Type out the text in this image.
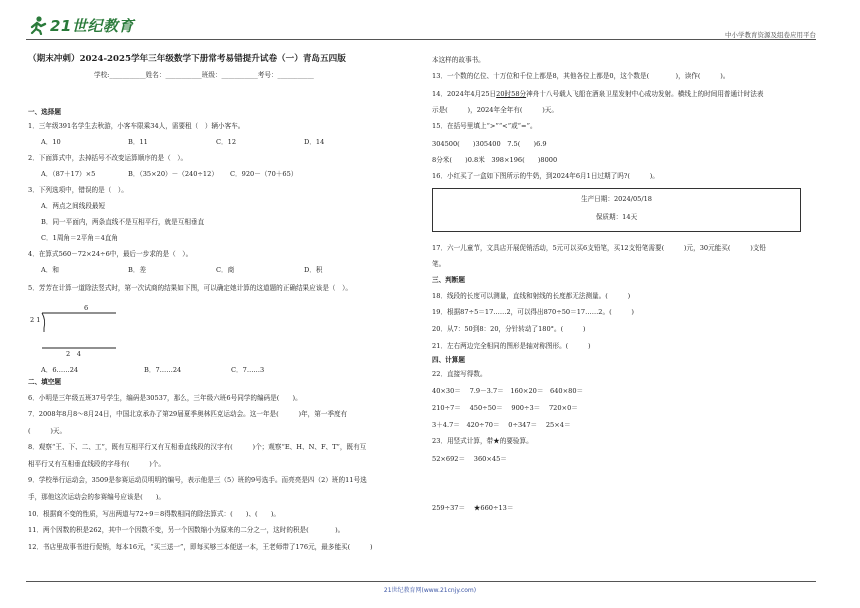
21世纪教育
中小学教育资源及组卷应用平台
（期末冲刺）2024-2025学年三年级数学下册常考易错提升试卷（一）青岛五四版
学校:___________姓名：___________班级：___________考号：___________
一、选择题
1．三年级391名学生去秋游，小客车限乘34人，需要租（　）辆小客车。
A．10	B．11	C．12	D．14
2．下面算式中，去掉括号不改变运算顺序的是（　）。
A．（87＋17）×5	B．（35×20）－（240÷12） C．920－（70＋65）
3．下列选项中，错误的是（　）。
A．两点之间线段最短
B．同一平面内，两条直线不是互相平行，就是互相垂直
C．1周角＝2平角＝4直角
4．在算式560－72×24÷6中，最后一步求的是（　）。
A．和	B．差	C．商	D．积
5．芳芳在计算一道除法竖式时，第一次试商的结果如下图，可以确定她计算的这道题的正确结果应该是（　）。
6
2 1
2　4
A．6……24	B．7……24	C．7……3
二、填空题
6．小明是三年级五班37号学生，编码是30537，那么，三年级六班6号同学的编码是(　　)。
7．2008年8月8～8月24日，中国北京承办了第29届夏季奥林匹克运动会。这一年是(　　　)年，第一季度有
(　　　)天。
8．观察“王、下、二、工”，既有互相平行又有互相垂直线段的汉字有(　　　)个；观察“E、H、N、F、T”，既有互
相平行又有互相垂直线段的字母有(　　　)个。
9．学校举行运动会，3509是参赛运动员明明的编号，表示他是三（5）班的9号选手。而亮亮是四（2）班的11号选
手，那他这次运动会的参赛编号应该是(　　)。
10．根据商不变的性质，写出两道与72÷9＝8得数相同的除法算式：(　　)、(　　)。
11．两个因数的积是262，其中一个因数不变，另一个因数缩小为原来的二分之一，这时的积是(　　　　)。
12．书店里故事书进行促销，每本16元，“买三送一”，即每买够三本便送一本，王老师带了176元，最多能买(　　　)
本这样的故事书。
13．一个数的亿位、十万位和千位上都是8，其他各位上都是0，这个数是(　　　　)，读作(　　　)。
14．2024年4月25日20时58分神舟十八号载人飞船在酒泉卫星发射中心成功发射。横线上的时间用普通计时法表
示是(　　　)，2024年全年有(　　　)天。
15．在括号里填上“>”“<”或“=”。
304500(　　)305400　7.5(　　)6.9
8分米(　　)0.8米　398×196(　　)8000
16．小红买了一盒如下图所示的牛奶，到2024年6月1日过期了吗?(　　　)。
生产日期：2024/05/18
保质期：14天
17．六一儿童节，文具店开展促销活动，5元可以买6支铅笔，买12支铅笔需要(　　　)元，30元能买(　　　)支铅
笔。
三、判断题
18．线段的长度可以测量，直线和射线的长度都无法测量。(　　　)
19．根据87÷5＝17……2，可以得出870÷50＝17……2。(　　　)
20．从7：50到8：20，分针转动了180°。(　　　)
21．左右两边完全相同的图形是轴对称图形。(　　　)
四、计算题
22．直接写得数。
40×30＝　 7.9－3.7＝　160×20＝　640×80＝
210÷7＝　 450÷50＝　 900÷3＝　 720×0＝
3＋4.7＝　420÷70＝　 0÷347＝　 25×4＝
23．用竖式计算，带★的要验算。
52×692＝　 360×45＝
259÷37＝　 ★660÷13＝
21世纪教育网(www.21cnjy.com)
